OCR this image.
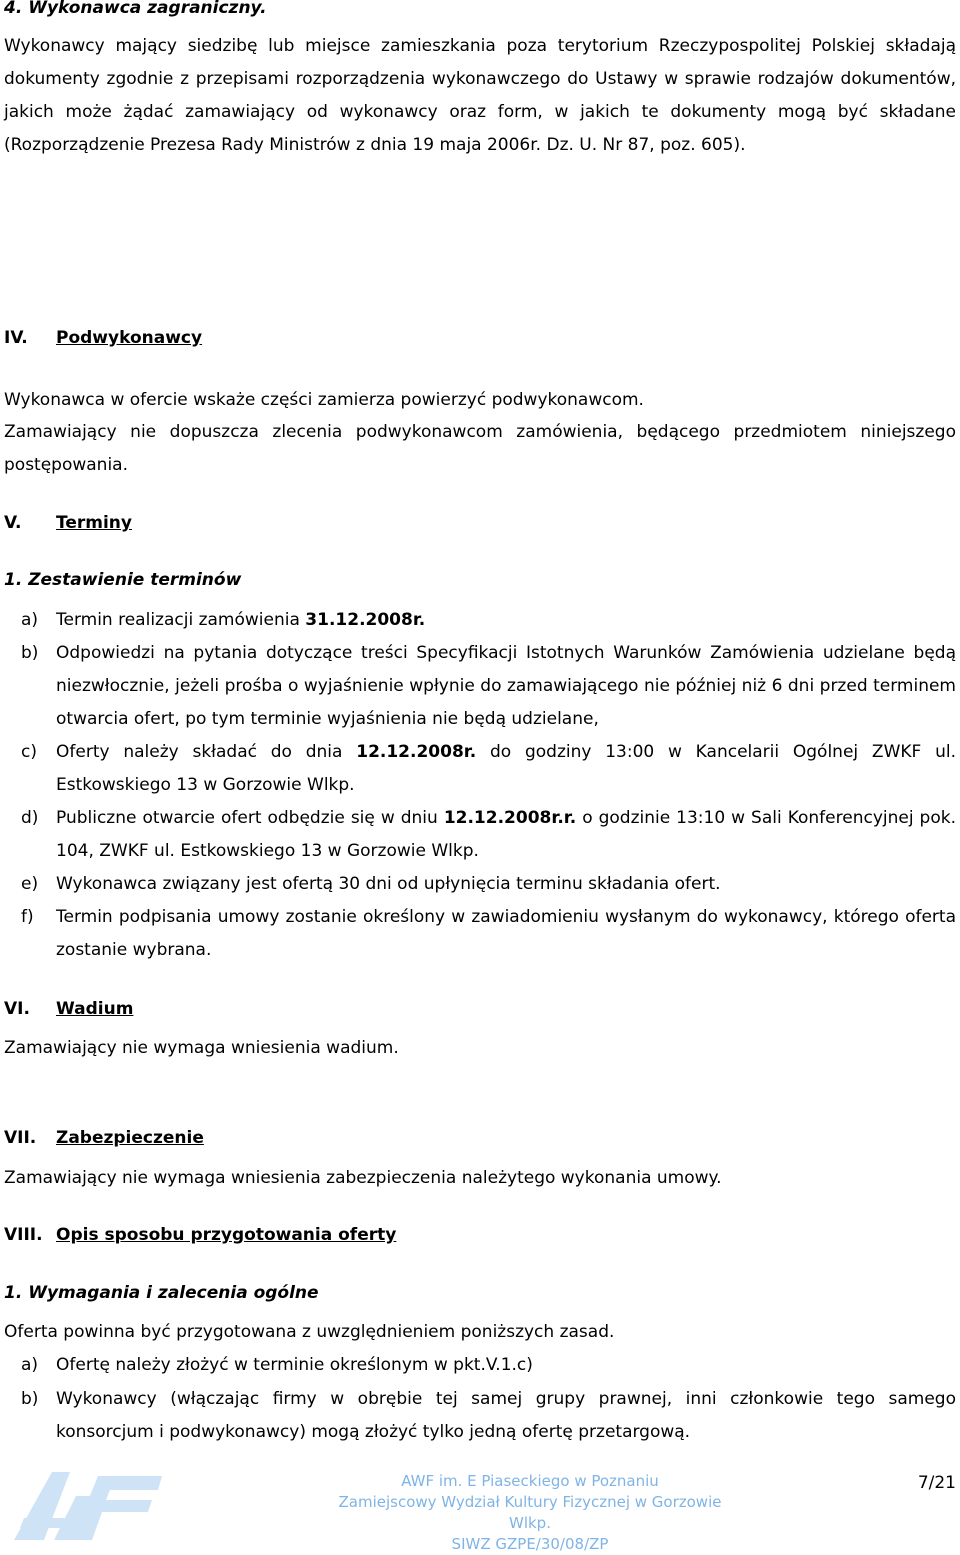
4. Wykonawca zagraniczny.
Wykonawcy mający siedzibę lub miejsce zamieszkania poza terytorium Rzeczypospolitej Polskiej składają dokumenty zgodnie z przepisami rozporządzenia wykonawczego do Ustawy w sprawie rodzajów dokumentów, jakich może żądać zamawiający od wykonawcy oraz form, w jakich te dokumenty mogą być składane (Rozporządzenie Prezesa Rady Ministrów z dnia 19 maja 2006r. Dz. U. Nr 87, poz. 605).
IV. Podwykonawcy
Wykonawca w ofercie wskaże części zamierza powierzyć podwykonawcom.
Zamawiający nie dopuszcza zlecenia podwykonawcom zamówienia, będącego przedmiotem niniejszego postępowania.
V. Terminy
1. Zestawienie terminów
a) Termin realizacji zamówienia 31.12.2008r.
b) Odpowiedzi na pytania dotyczące treści Specyfikacji Istotnych Warunków Zamówienia udzielane będą niezwłocznie, jeżeli prośba o wyjaśnienie wpłynie do zamawiającego nie później niż 6 dni przed terminem otwarcia ofert, po tym terminie wyjaśnienia nie będą udzielane,
c) Oferty należy składać do dnia 12.12.2008r. do godziny 13:00 w Kancelarii Ogólnej ZWKF ul. Estkowskiego 13 w Gorzowie Wlkp.
d) Publiczne otwarcie ofert odbędzie się w dniu 12.12.2008r.r. o godzinie 13:10 w Sali Konferencyjnej pok. 104, ZWKF ul. Estkowskiego 13 w Gorzowie Wlkp.
e) Wykonawca związany jest ofertą 30 dni od upłynięcia terminu składania ofert.
f) Termin podpisania umowy zostanie określony w zawiadomieniu wysłanym do wykonawcy, którego oferta zostanie wybrana.
VI. Wadium
Zamawiający nie wymaga wniesienia wadium.
VII. Zabezpieczenie
Zamawiający nie wymaga wniesienia zabezpieczenia należytego wykonania umowy.
VIII. Opis sposobu przygotowania oferty
1. Wymagania i zalecenia ogólne
Oferta powinna być przygotowana z uwzględnieniem poniższych zasad.
a) Ofertę należy złożyć w terminie określonym w pkt.V.1.c)
b) Wykonawcy (włączając firmy w obrębie tej samej grupy prawnej, inni członkowie tego samego konsorcjum i podwykonawcy) mogą złożyć tylko jedną ofertę przetargową.
AWF im. E Piaseckiego w Poznaniu
Zamiejscowy Wydział Kultury Fizycznej w Gorzowie Wlkp.
SIWZ GZPE/30/08/ZP
7/21
